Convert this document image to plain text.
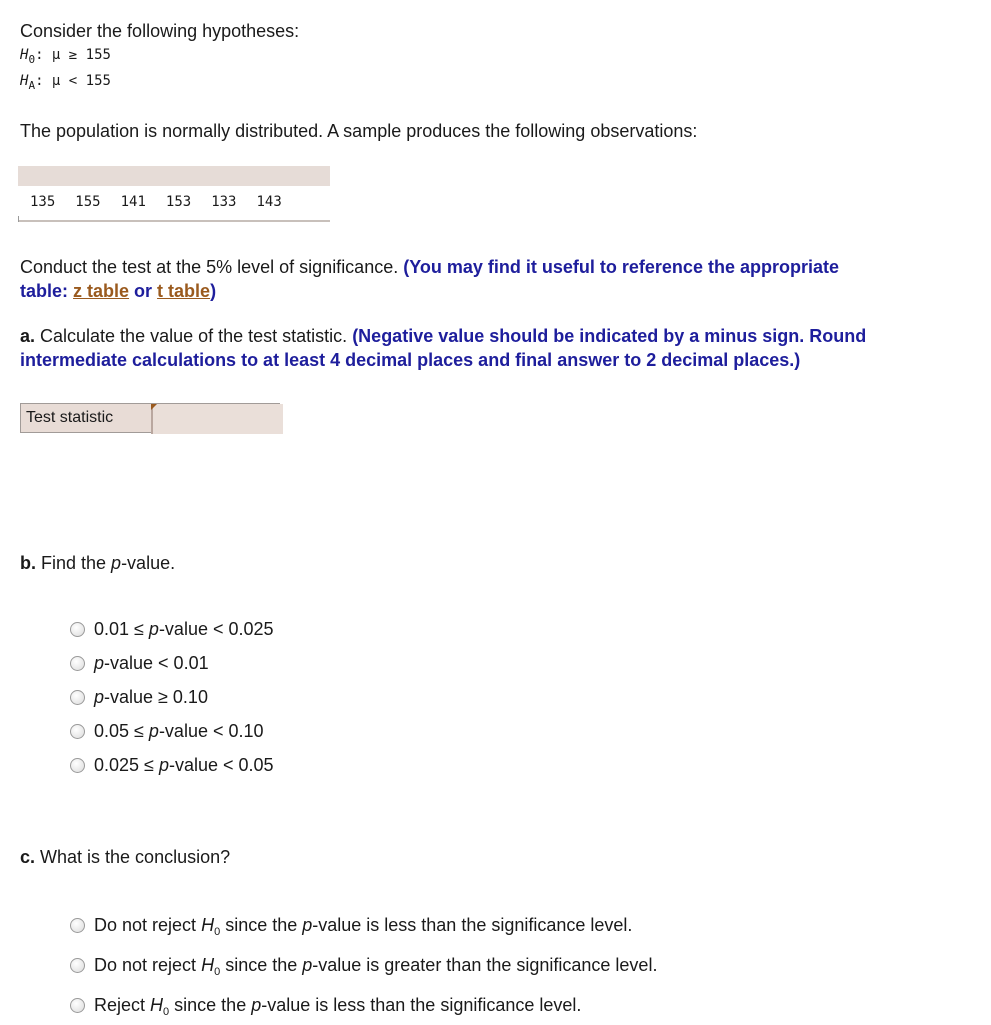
Consider the following hypotheses:
$H_0$: μ ≥ 155
$H_A$: μ < 155
The population is normally distributed. A sample produces the following observations:
135 155 141 153 133 143
Conduct the test at the 5% level of significance. (You may find it useful to reference the appropriate
table: z table or t table)
a. Calculate the value of the test statistic. (Negative value should be indicated by a minus sign. Round
intermediate calculations to at least 4 decimal places and final answer to 2 decimal places.)
Test statistic
b. Find the p-value.
0.01 ≤ p-value < 0.025
p-value < 0.01
p-value ≥ 0.10
0.05 ≤ p-value < 0.10
0.025 ≤ p-value < 0.05
c. What is the conclusion?
Do not reject $H_0$ since the p-value is less than the significance level.
Do not reject $H_0$ since the p-value is greater than the significance level.
Reject $H_0$ since the p-value is less than the significance level.
